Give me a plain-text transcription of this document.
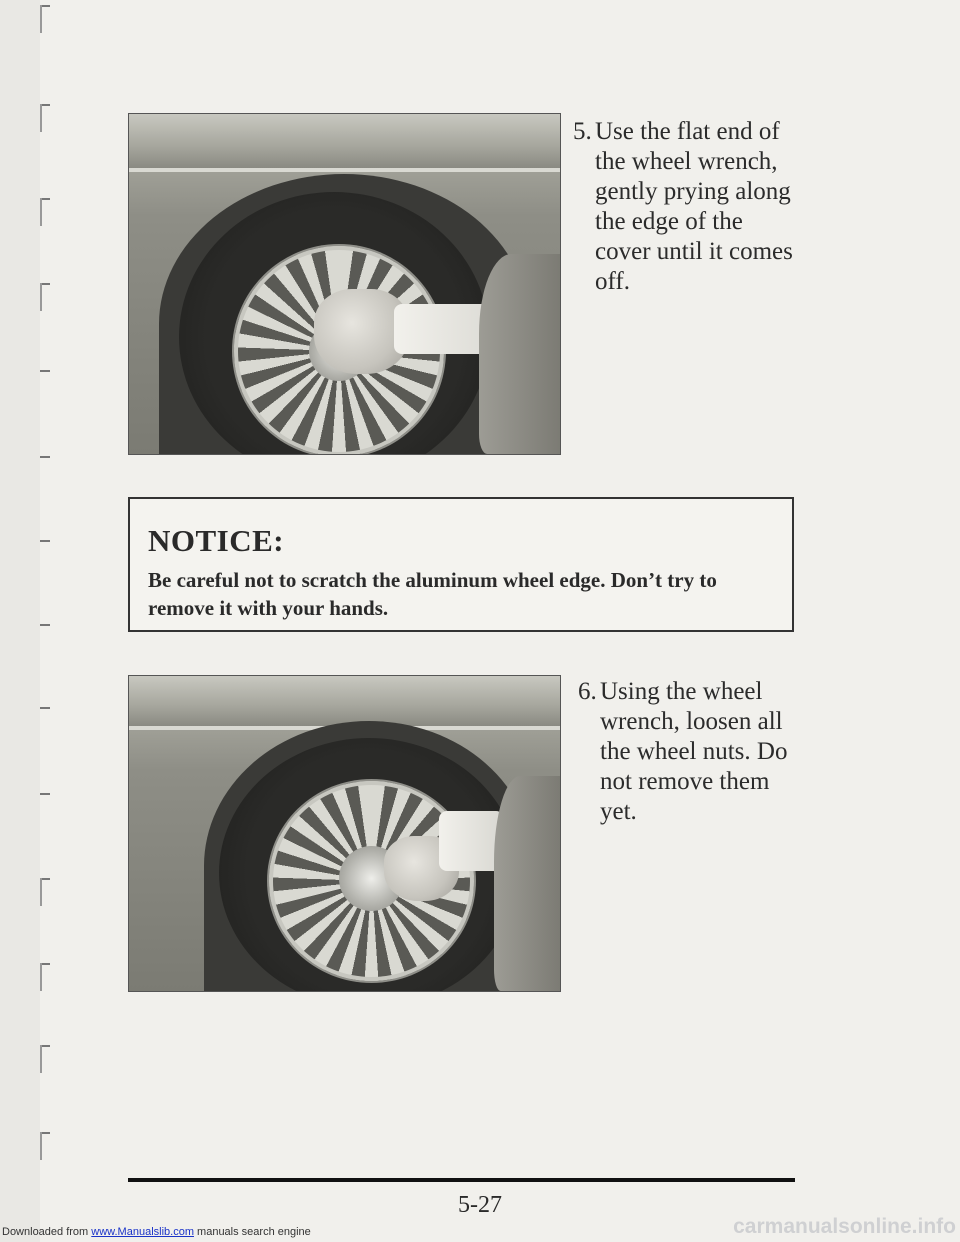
5. Use the flat end of
the wheel wrench,
gently prying along
the edge of the
cover until it comes
off.
NOTICE:
Be careful not to scratch the aluminum wheel edge. Don’t try to remove it with your hands.
6. Using the wheel
wrench, loosen all
the wheel nuts. Do
not remove them
yet.
5-27
Downloaded from www.Manualslib.com manuals search engine	carmanualsonline.info
